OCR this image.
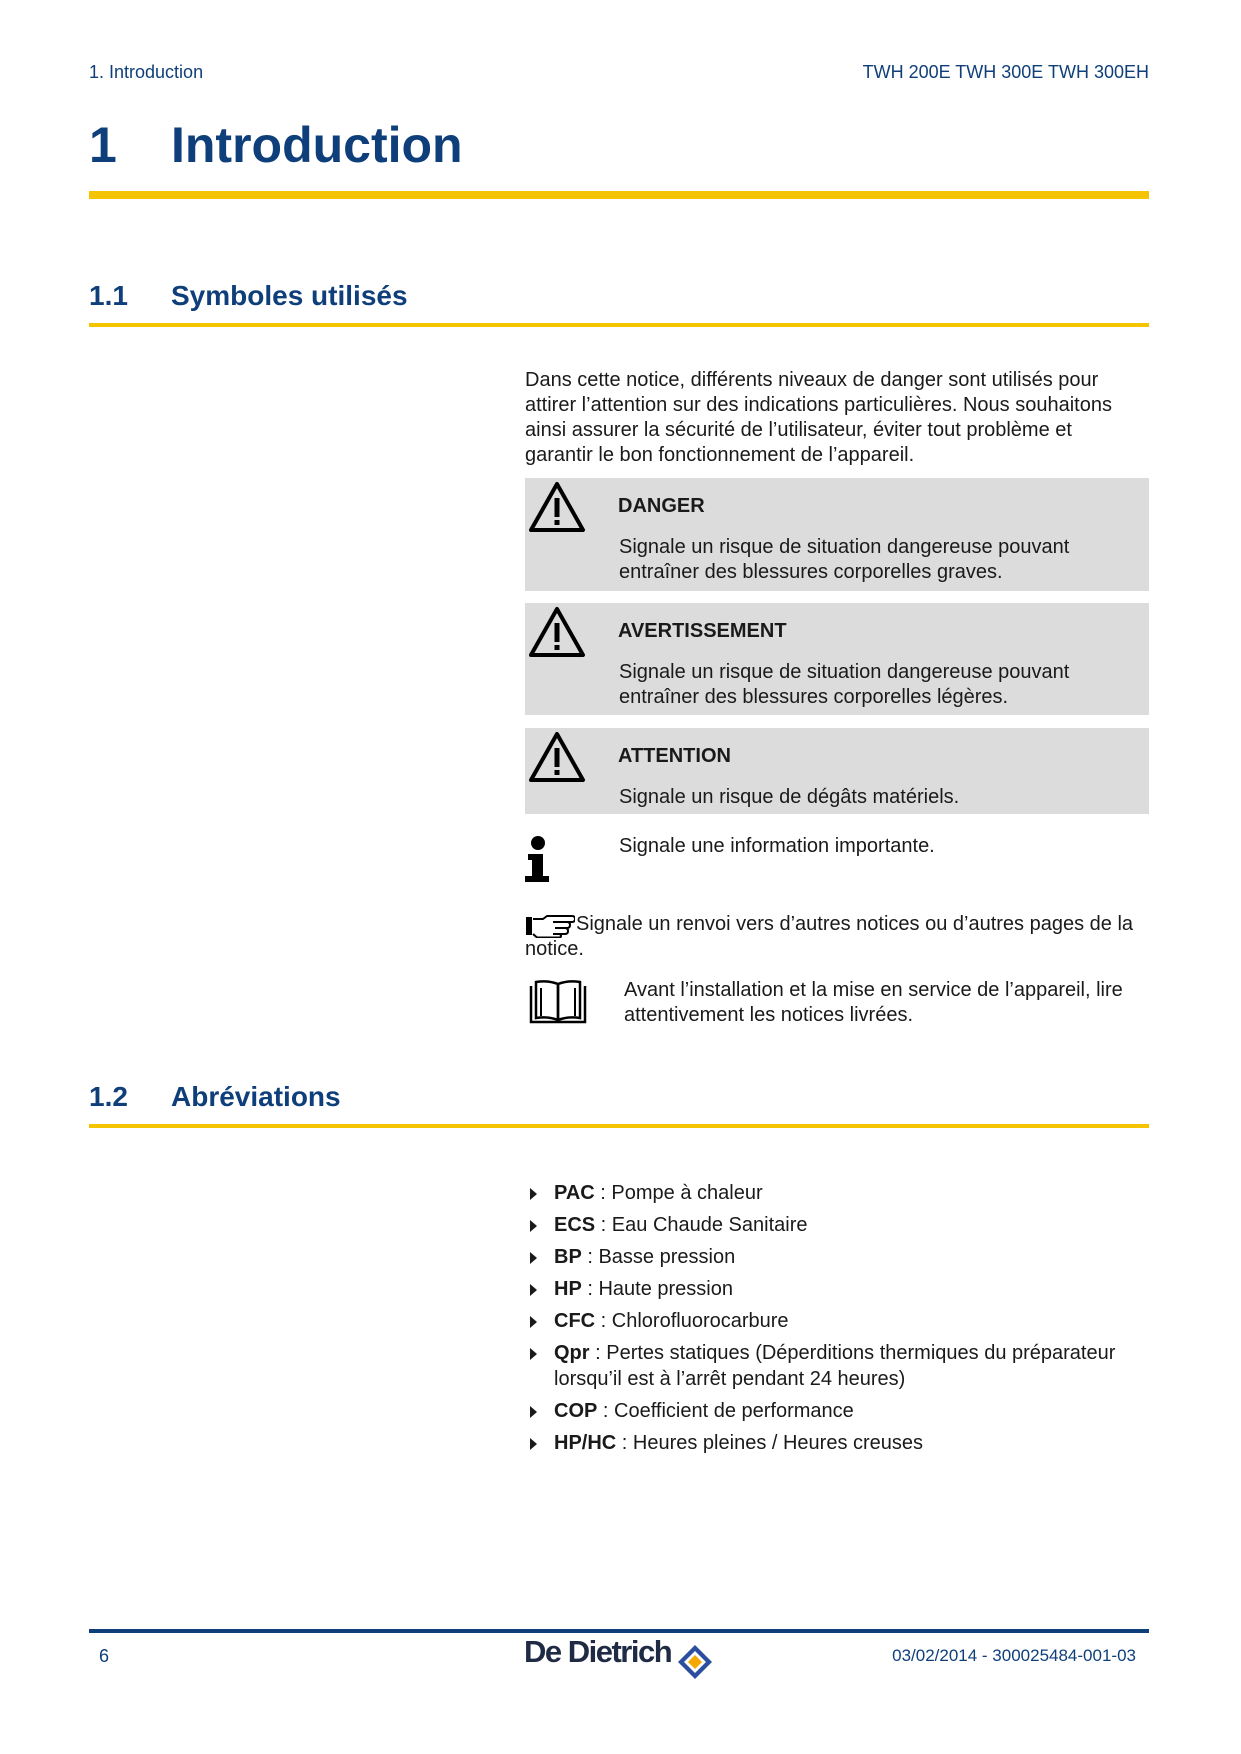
1. Introduction	TWH 200E TWH 300E TWH 300EH
1 Introduction
1.1 Symboles utilisés
Dans cette notice, différents niveaux de danger sont utilisés pour
attirer l’attention sur des indications particulières. Nous souhaitons
ainsi assurer la sécurité de l’utilisateur, éviter tout problème et
garantir le bon fonctionnement de l’appareil.
DANGER
Signale un risque de situation dangereuse pouvant
entraîner des blessures corporelles graves.
AVERTISSEMENT
Signale un risque de situation dangereuse pouvant
entraîner des blessures corporelles légères.
ATTENTION
Signale un risque de dégâts matériels.
Signale une information importante.
Signale un renvoi vers d’autres notices ou d’autres pages de la
notice.
Avant l’installation et la mise en service de l’appareil, lire
attentivement les notices livrées.
1.2 Abréviations
PAC : Pompe à chaleur
ECS : Eau Chaude Sanitaire
BP : Basse pression
HP : Haute pression
CFC : Chlorofluorocarbure
Qpr : Pertes statiques (Déperditions thermiques du préparateur
lorsqu’il est à l’arrêt pendant 24 heures)
COP : Coefficient de performance
HP/HC : Heures pleines / Heures creuses
6	De Dietrich	03/02/2014 - 300025484-001-03
